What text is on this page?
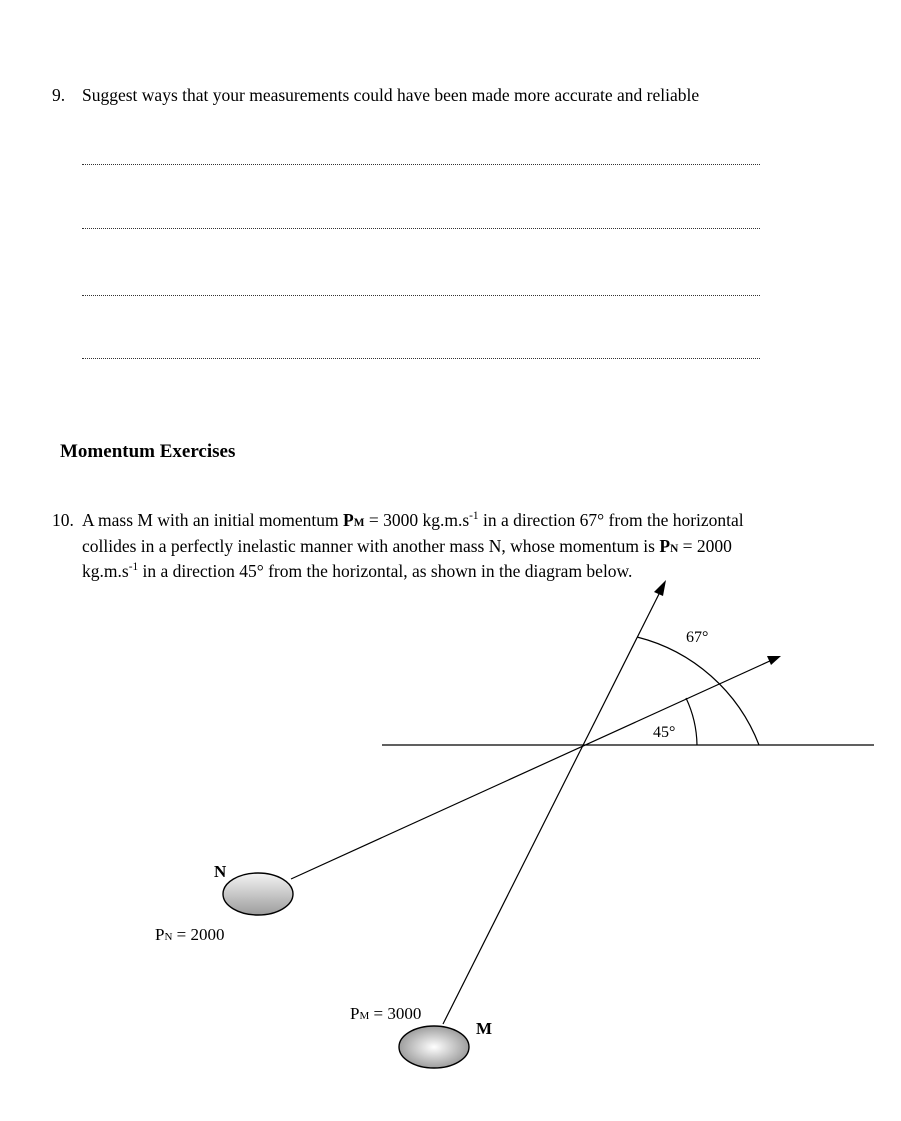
9. Suggest ways that your measurements could have been made more accurate and reliable
Momentum Exercises
10. A mass M with an initial momentum PM = 3000 $kg.m.s^{-1}$ in a direction 67° from the horizontal
collides in a perfectly inelastic manner with another mass N, whose momentum is PN = 2000
$kg.m.s^{-1}$ in a direction 45° from the horizontal, as shown in the diagram below.
67°
45°
N
PN = 2000
M
PM = 3000
